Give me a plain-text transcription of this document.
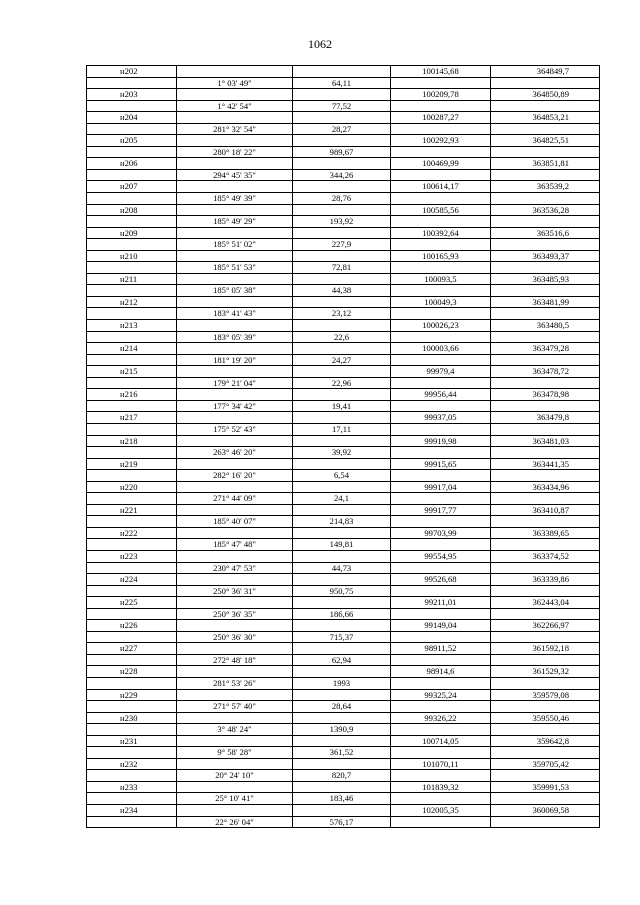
1062
н202	100145,68	364849,7
1° 03' 49"	64,11
н203	100209,78	364850,89
1° 42' 54"	77,52
н204	100287,27	364853,21
281° 32' 54"	28,27
н205	100292,93	364825,51
280° 18' 22"	989,67
н206	100469,99	363851,81
294° 45' 35"	344,26
н207	100614,17	363539,2
185° 49' 39"	28,76
н208	100585,56	363536,28
185° 49' 29"	193,92
н209	100392,64	363516,6
185° 51' 02"	227,9
н210	100165,93	363493,37
185° 51' 53"	72,81
н211	100093,5	363485,93
185° 05' 38"	44,38
н212	100049,3	363481,99
183° 41' 43"	23,12
н213	100026,23	363480,5
183° 05' 39"	22,6
н214	100003,66	363479,28
181° 19' 20"	24,27
н215	99979,4	363478,72
179° 21' 04"	22,96
н216	99956,44	363478,98
177° 34' 42"	19,41
н217	99937,05	363479,8
175° 52' 43"	17,11
н218	99919,98	363481,03
263° 46' 20"	39,92
н219	99915,65	363441,35
282° 16' 20"	6,54
н220	99917,04	363434,96
271° 44' 09"	24,1
н221	99917,77	363410,87
185° 40' 07"	214,83
н222	99703,99	363389,65
185° 47' 48"	149,81
н223	99554,95	363374,52
230° 47' 53"	44,73
н224	99526,68	363339,86
250° 36' 31"	950,75
н225	99211,01	362443,04
250° 36' 35"	186,66
н226	99149,04	362266,97
250° 36' 30"	715,37
н227	98911,52	361592,18
272° 48' 18"	62,94
н228	98914,6	361529,32
281° 53' 26"	1993
н229	99325,24	359579,08
271° 57' 40"	28,64
н230	99326,22	359550,46
3° 48' 24"	1390,9
н231	100714,05	359642,8
9° 58' 28"	361,52
н232	101070,11	359705,42
20° 24' 10"	820,7
н233	101839,32	359991,53
25° 10' 41"	183,46
н234	102005,35	360069,58
22° 26' 04"	576,17
